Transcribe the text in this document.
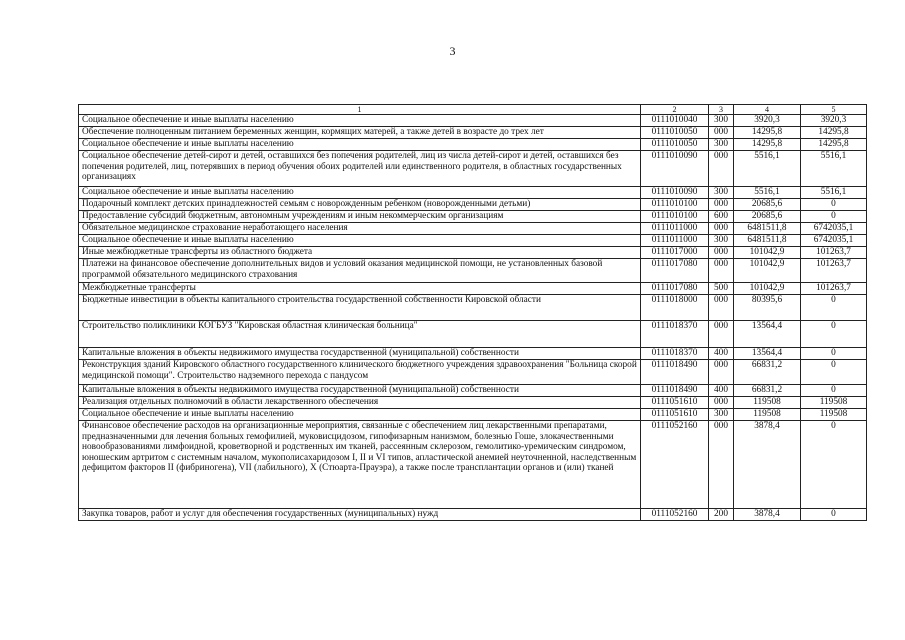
3
1	2	3	4	5
Социальное обеспечение и иные выплаты населению	0111010040	300	3920,3	3920,3
Обеспечение полноценным питанием беременных женщин, кормящих матерей, а также детей в возрасте до трех лет	0111010050	000	14295,8	14295,8
Социальное обеспечение и иные выплаты населению	0111010050	300	14295,8	14295,8
Социальное обеспечение детей-сирот и детей, оставшихся без попечения родителей, лиц из числа детей-сирот и детей, оставшихся без попечения родителей, лиц, потерявших в период обучения обоих родителей или единственного родителя, в областных государственных организациях	0111010090	000	5516,1	5516,1
Социальное обеспечение и иные выплаты населению	0111010090	300	5516,1	5516,1
Подарочный комплект детских принадлежностей семьям с новорожденным ребенком (новорожденными детьми)	0111010100	000	20685,6	0
Предоставление субсидий бюджетным, автономным учреждениям и иным некоммерческим организациям	0111010100	600	20685,6	0
Обязательное медицинское страхование неработающего населения	0111011000	000	6481511,8	6742035,1
Социальное обеспечение и иные выплаты населению	0111011000	300	6481511,8	6742035,1
Иные межбюджетные трансферты из областного бюджета	0111017000	000	101042,9	101263,7
Платежи на финансовое обеспечение дополнительных видов и условий оказания медицинской помощи, не установленных базовой программой обязательного медицинского страхования	0111017080	000	101042,9	101263,7
Межбюджетные трансферты	0111017080	500	101042,9	101263,7
Бюджетные инвестиции в объекты капитального строительства государственной собственности Кировской области	0111018000	000	80395,6	0
Строительство поликлиники КОГБУЗ "Кировская областная клиническая больница"	0111018370	000	13564,4	0
Капитальные вложения в объекты недвижимого имущества государственной (муниципальной) собственности	0111018370	400	13564,4	0
Реконструкция зданий Кировского областного государственного клинического бюджетного учреждения здравоохранения "Больница скорой медицинской помощи". Строительство надземного перехода с пандусом	0111018490	000	66831,2	0
Капитальные вложения в объекты недвижимого имущества государственной (муниципальной) собственности	0111018490	400	66831,2	0
Реализация отдельных полномочий в области лекарственного обеспечения	0111051610	000	119508	119508
Социальное обеспечение и иные выплаты населению	0111051610	300	119508	119508
Финансовое обеспечение расходов на организационные мероприятия, связанные с обеспечением лиц лекарственными препаратами, предназначенными для лечения больных гемофилией, муковисцидозом, гипофизарным нанизмом, болезнью Гоше, злокачественными новообразованиями лимфоидной, кроветворной и родственных им тканей, рассеянным склерозом, гемолитико-уремическим синдромом, юношеским артритом с системным началом, мукополисахаридозом I, II и VI типов, апластической анемией неуточненной, наследственным дефицитом факторов II (фибриногена), VII (лабильного), X (Стюарта-Прауэра), а также после трансплантации органов и (или) тканей	0111052160	000	3878,4	0
Закупка товаров, работ и услуг для обеспечения государственных (муниципальных) нужд	0111052160	200	3878,4	0
